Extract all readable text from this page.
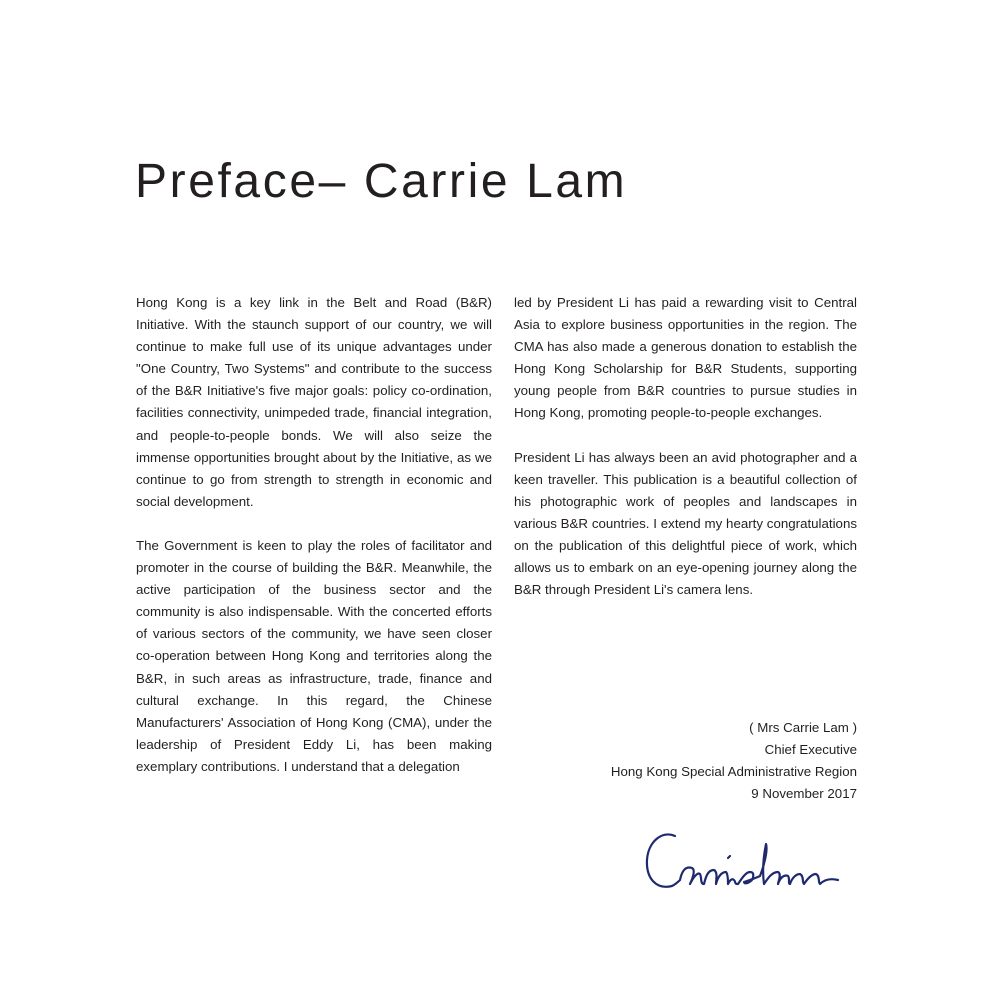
Preface– Carrie Lam

Hong Kong is a key link in the Belt and Road (B&R) Initiative. With the staunch support of our country, we will continue to make full use of its unique advantages under "One Country, Two Systems" and contribute to the success of the B&R Initiative's five major goals: policy co-ordination, facilities connectivity, unimpeded trade, financial integration, and people-to-people bonds. We will also seize the immense opportunities brought about by the Initiative, as we continue to go from strength to strength in economic and social development.

The Government is keen to play the roles of facilitator and promoter in the course of building the B&R. Meanwhile, the active participation of the business sector and the community is also indispensable. With the concerted efforts of various sectors of the community, we have seen closer co-operation between Hong Kong and territories along the B&R, in such areas as infrastructure, trade, finance and cultural exchange. In this regard, the Chinese Manufacturers' Association of Hong Kong (CMA), under the leadership of President Eddy Li, has been making exemplary contributions. I understand that a delegation

led by President Li has paid a rewarding visit to Central Asia to explore business opportunities in the region. The CMA has also made a generous donation to establish the Hong Kong Scholarship for B&R Students, supporting young people from B&R countries to pursue studies in Hong Kong, promoting people-to-people exchanges.

President Li has always been an avid photographer and a keen traveller. This publication is a beautiful collection of his photographic work of peoples and landscapes in various B&R countries. I extend my hearty congratulations on the publication of this delightful piece of work, which allows us to embark on an eye-opening journey along the B&R through President Li's camera lens.

( Mrs Carrie Lam )
Chief Executive
Hong Kong Special Administrative Region
9 November 2017
